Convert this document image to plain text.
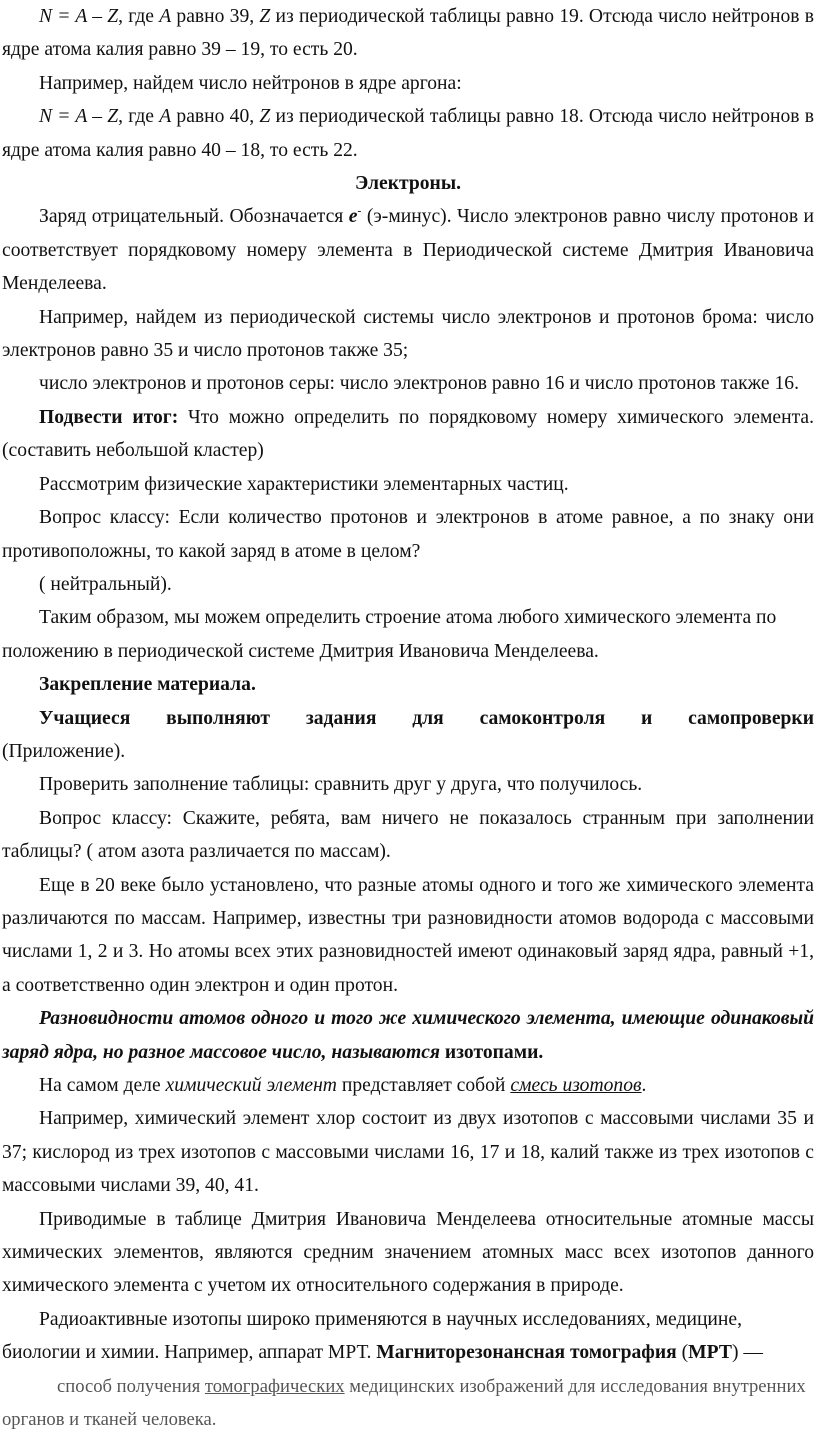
N = A – Z, где A равно 39, Z из периодической таблицы равно 19. Отсюда число нейтронов в ядре атома калия равно 39 – 19, то есть 20.

Например, найдем число нейтронов в ядре аргона:

N = A – Z, где A равно 40, Z из периодической таблицы равно 18. Отсюда число нейтронов в ядре атома калия равно 40 – 18, то есть 22.

Электроны.

Заряд отрицательный. Обозначается e- (э-минус). Число электронов равно числу протонов и соответствует порядковому номеру элемента в Периодической системе Дмитрия Ивановича Менделеева.

Например, найдем из периодической системы число электронов и протонов брома: число электронов равно 35 и число протонов также 35;

число электронов и протонов серы: число электронов равно 16 и число протонов также 16.

Подвести итог: Что можно определить по порядковому номеру химического элемента. (составить небольшой кластер)

Рассмотрим физические характеристики элементарных частиц.

Вопрос классу: Если количество протонов и электронов в атоме равное, а по знаку они противоположны, то какой заряд в атоме в целом?

( нейтральный).

Таким образом, мы можем определить строение атома любого химического элемента по положению в периодической системе Дмитрия Ивановича Менделеева.

Закрепление материала.

Учащиеся выполняют задания для самоконтроля и самопроверки

(Приложение).

Проверить заполнение таблицы: сравнить друг у друга, что получилось.

Вопрос классу: Скажите, ребята, вам ничего не показалось странным при заполнении таблицы? ( атом азота различается по массам).

Еще в 20 веке было установлено, что разные атомы одного и того же химического элемента различаются по массам. Например, известны три разновидности атомов водорода с массовыми числами 1, 2 и 3. Но атомы всех этих разновидностей имеют одинаковый заряд ядра, равный +1, а соответственно один электрон и один протон.

Разновидности атомов одного и того же химического элемента, имеющие одинаковый заряд ядра, но разное массовое число, называются изотопами.

На самом деле химический элемент представляет собой смесь изотопов.

Например, химический элемент хлор состоит из двух изотопов с массовыми числами 35 и 37; кислород из трех изотопов с массовыми числами 16, 17 и 18, калий также из трех изотопов с массовыми числами 39, 40, 41.

Приводимые в таблице Дмитрия Ивановича Менделеева относительные атомные массы химических элементов, являются средним значением атомных масс всех изотопов данного химического элемента с учетом их относительного содержания в природе.

Радиоактивные изотопы широко применяются в научных исследованиях, медицине, биологии и химии. Например, аппарат МРТ. Магниторезонансная томография (МРТ) —

способ получения томографических медицинских изображений для исследования внутренних органов и тканей человека.
